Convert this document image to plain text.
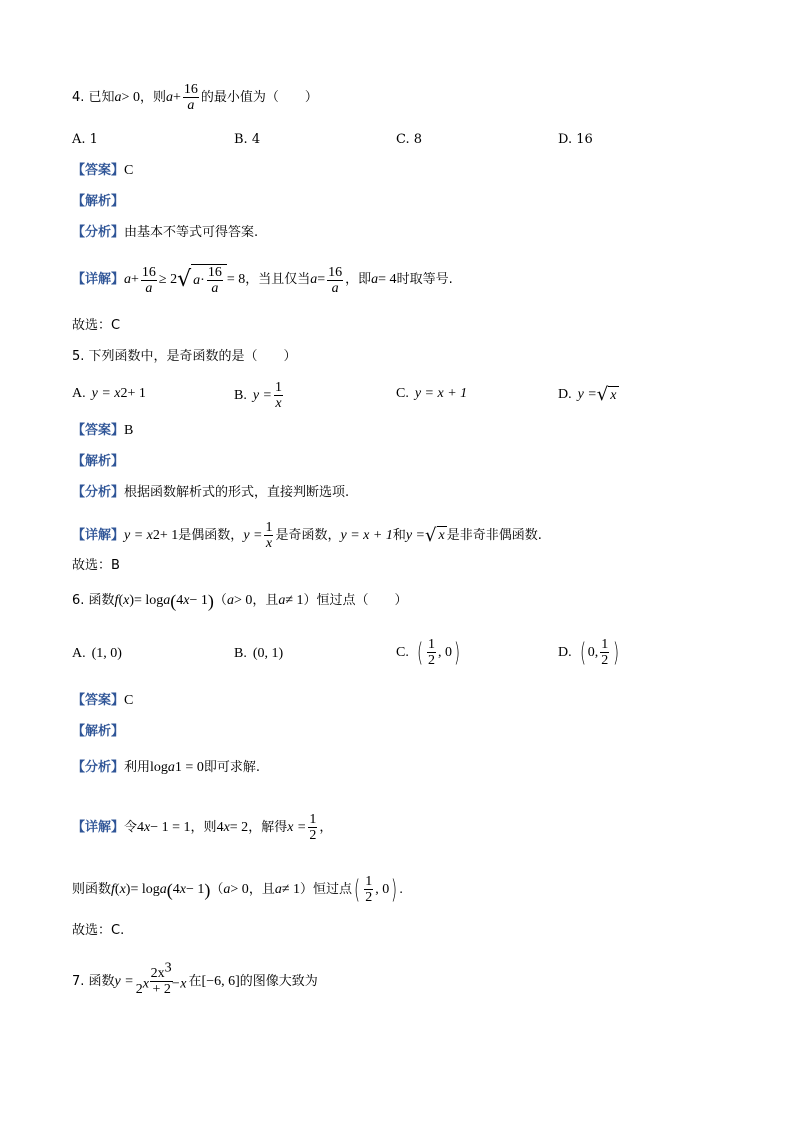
4. 已知 a > 0 ，则 $a + \frac{16}{a}$ 的最小值为（　　）
A. 1	B. 4	C. 8	D. 16
【答案】 C
【解析】
【分析】 由基本不等式可得答案.
【详解】 $a + \frac{16}{a} \ge 2$ √ $a \cdot \frac{16}{a} = 8$ ，当且仅当 $a = \frac{16}{a}$ ，即 a = 4 时取等号.
故选：C
5. 下列函数中，是奇函数的是（　　）
A. y = x 2 + 1	B. $y = \frac{1}{x}$	C. y = x + 1	D. y = √ x
【答案】 B
【解析】
【分析】 根据函数解析式的形式，直接判断选项.
【详解】 y = x 2 + 1 是偶函数， $y = \frac{1}{x}$ 是奇函数， y = x + 1 和 y = √ x 是非奇非偶函数.
故选：B
6. 函数 f ( x ) = log a ( 4 x − 1 ) （ a > 0 ，且 a ≠ 1 ）恒过点（　　）
A. (1, 0)	B. (0, 1)	C. ( $\frac{1}{2}$ , 0 )	D. ( 0, $\frac{1}{2}$ )
【答案】 C
【解析】
【分析】 利用 log a 1 = 0 即可求解.
【详解】 令 4 x − 1 = 1 ，则 4 x = 2 ，解得 $x = \frac{1}{2}$ ，
则函数 f ( x ) = log a ( 4 x − 1 ) （ a > 0 ，且 a ≠ 1 ） 恒过点 ( $\frac{1}{2}$ , 0 ) .
故选：C.
7. 函数 $y = \frac{2x^3}{2^x + 2^{-x}}$ 在 [−6, 6] 的图像大致为
